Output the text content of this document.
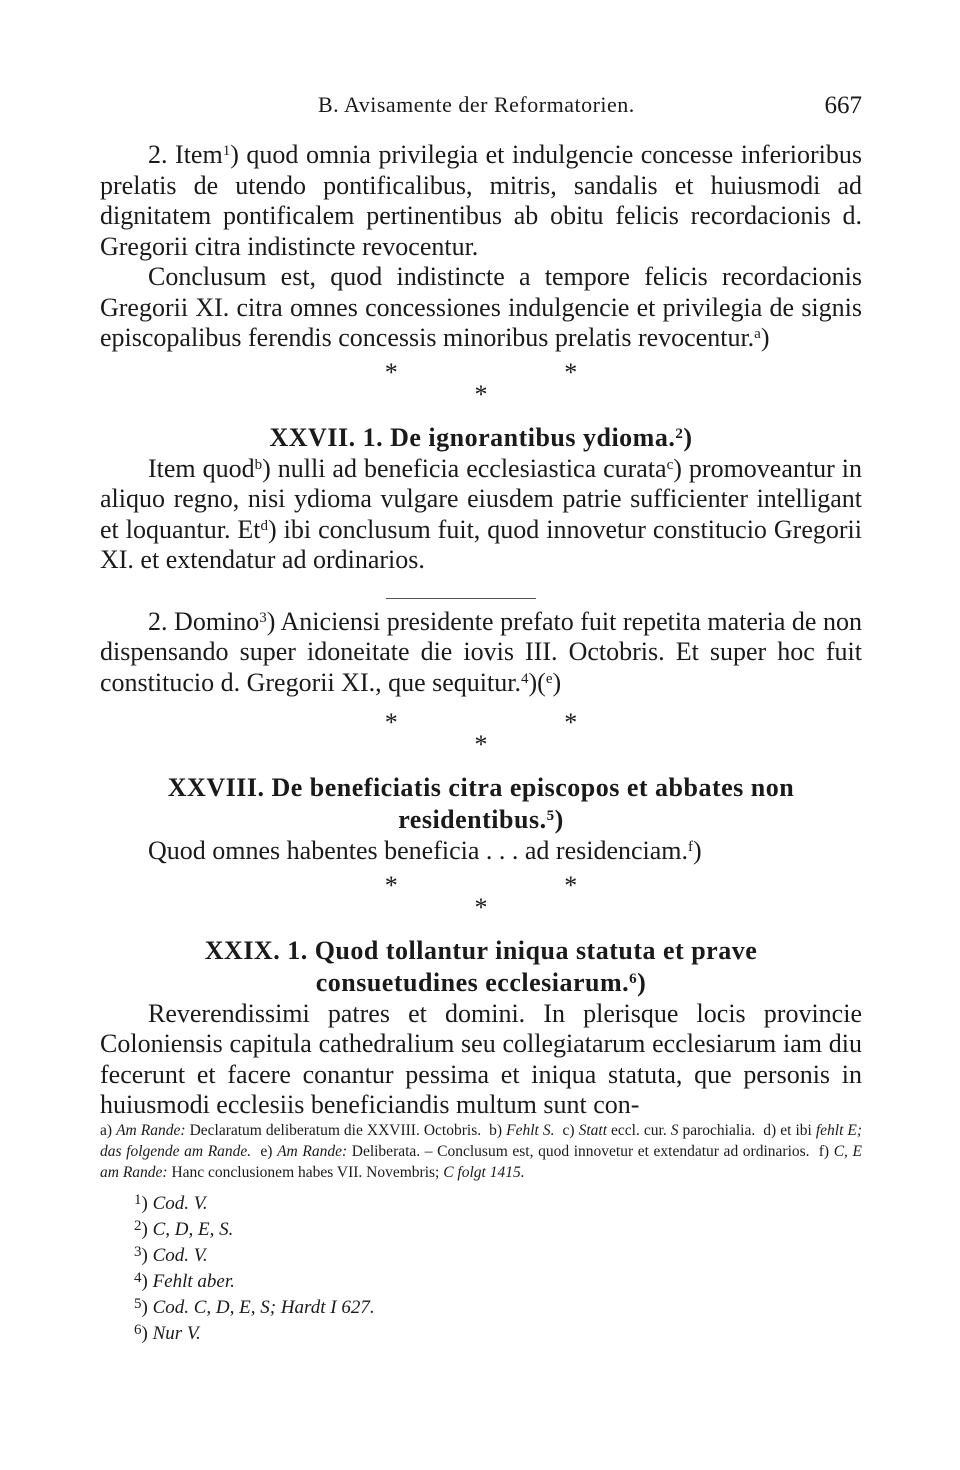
B. Avisamente der Reformatorien.	667

2. Item$^1$) quod omnia privilegia et indulgencie concesse inferioribus prelatis de utendo pontificalibus, mitris, sandalis et huiusmodi ad dignitatem pontificalem pertinentibus ab obitu felicis recordacionis d. Gregorii citra indistincte revocentur.

Conclusum est, quod indistincte a tempore felicis recordacionis Gregorii XI. citra omnes concessiones indulgencie et privilegia de signis episcopalibus ferendis concessis minoribus prelatis revocentur.$^a$)

* *
*
XXVII. 1. De ignorantibus ydioma.$^2$)

Item quod$^b$) nulli ad beneficia ecclesiastica curata$^c$) promoveantur in aliquo regno, nisi ydioma vulgare eiusdem patrie sufficienter intelligant et loquantur. Et$^d$) ibi conclusum fuit, quod innovetur constitucio Gregorii XI. et extendatur ad ordinarios.

2. Domino$^3$) Aniciensi presidente prefato fuit repetita materia de non dispensando super idoneitate die iovis III. Octobris. Et super hoc fuit constitucio d. Gregorii XI., que sequitur.$^4$)($^e$)

* *
*
XXVIII. De beneficiatis citra episcopos et abbates non residentibus.$^5$)

Quod omnes habentes beneficia . . . ad residenciam.$^f$)

* *
*
XXIX. 1. Quod tollantur iniqua statuta et prave consuetudines ecclesiarum.$^6$)

Reverendissimi patres et domini. In plerisque locis provincie Coloniensis capitula cathedralium seu collegiatarum ecclesiarum iam diu fecerunt et facere conantur pessima et iniqua statuta, que personis in huiusmodi ecclesiis beneficiandis multum sunt con-

a) Am Rande: Declaratum deliberatum die XXVIII. Octobris. b) Fehlt S. c) Statt eccl. cur. S parochialia. d) et ibi fehlt E; das folgende am Rande. e) Am Rande: Deliberata. – Conclusum est, quod innovetur et extendatur ad ordinarios. f) C, E am Rande: Hanc conclusionem habes VII. Novembris; C folgt 1415.
$^1$) Cod. V.
$^2$) C, D, E, S.
$^3$) Cod. V.
$^4$) Fehlt aber.
$^5$) Cod. C, D, E, S; Hardt I 627.
$^6$) Nur V.
